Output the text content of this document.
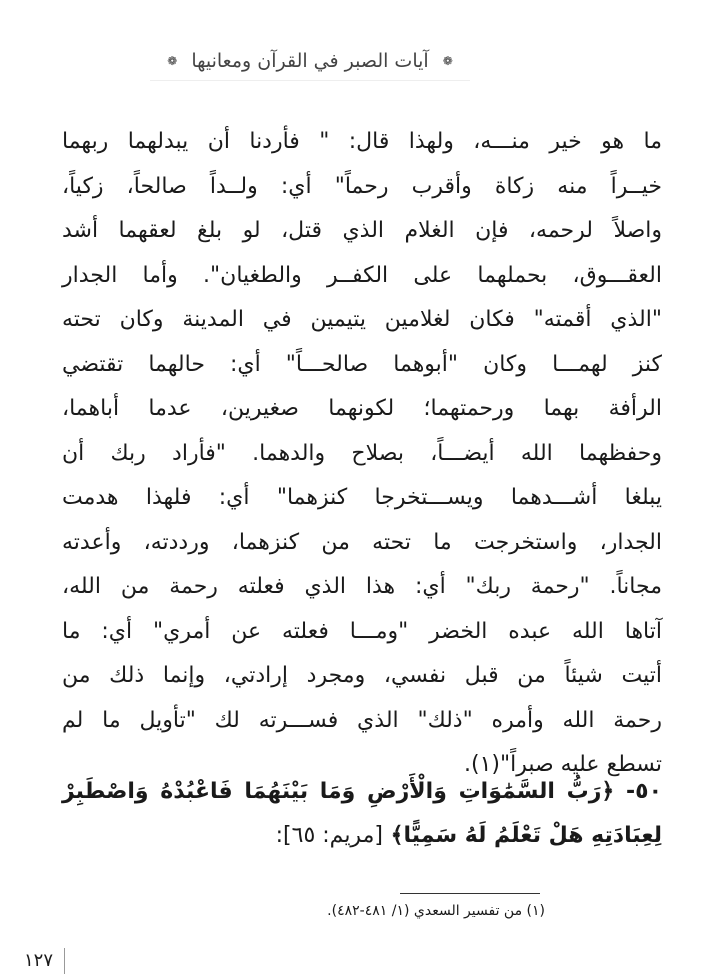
❁
آيات الصبر في القرآن ومعانيها
❁
ما هو خير منـــه، ولهذا قال: " فأردنا أن يبدلهما ربهما
خيــراً منه زكاة وأقرب رحماً" أي: ولــداً صالحاً، زكياً،
واصلاً لرحمه، فإن الغلام الذي قتل، لو بلغ لعقهما أشد
العقـــوق، بحملهما على الكفــر والطغيان". وأما الجدار
"الذي أقمته" فكان لغلامين يتيمين في المدينة وكان تحته
كنز لهمـــا وكان "أبوهما صالحـــاً" أي: حالهما تقتضي
الرأفة بهما ورحمتهما؛ لكونهما صغيرين، عدما أباهما،
وحفظهما الله أيضـــاً، بصلاح والدهما. "فأراد ربك أن
يبلغا أشـــدهما ويســـتخرجا كنزهما" أي: فلهذا هدمت
الجدار، واستخرجت ما تحته من كنزهما، ورددته، وأعدته
مجاناً. "رحمة ربك" أي: هذا الذي فعلته رحمة من الله،
آتاها الله عبده الخضر "ومـــا فعلته عن أمري" أي: ما
أتيت شيئاً من قبل نفسي، ومجرد إرادتي، وإنما ذلك من
رحمة الله وأمره "ذلك" الذي فســـرته لك "تأويل ما لم
تسطع عليه صبراً"(١).
٥٠- ﴿رَبُّ السَّمَٰوَاتِ وَالْأَرْضِ وَمَا بَيْنَهُمَا فَاعْبُدْهُ وَاصْطَبِرْ
لِعِبَادَتِهِ هَلْ تَعْلَمُ لَهُ سَمِيًّا﴾ [مريم: ٦٥]:
(١) من تفسير السعدي (١/ ٤٨١-٤٨٢).
١٢٧
